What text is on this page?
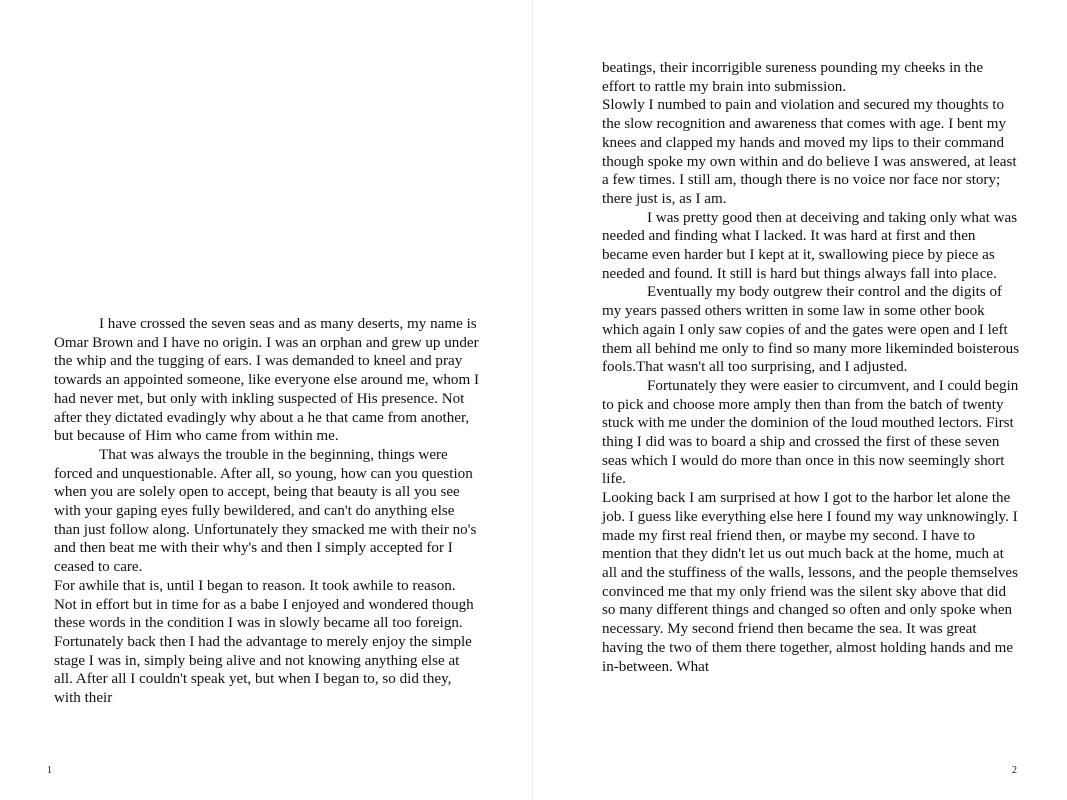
I have crossed the seven seas and as many deserts, my name is Omar Brown and I have no origin. I was an orphan and grew up under the whip and the tugging of ears. I was demanded to kneel and pray towards an appointed someone, like everyone else around me, whom I had never met, but only with inkling suspected of His presence. Not after they dictated evadingly why about a he that came from another, but because of Him who came from within me.

That was always the trouble in the beginning, things were forced and unquestionable. After all, so young, how can you question when you are solely open to accept, being that beauty is all you see with your gaping eyes fully bewildered, and can't do anything else than just follow along. Unfortunately they smacked me with their no's and then beat me with their why's and then I simply accepted for I ceased to care.

For awhile that is, until I began to reason. It took awhile to reason. Not in effort but in time for as a babe I enjoyed and wondered though these words in the condition I was in slowly became all too foreign. Fortunately back then I had the advantage to merely enjoy the simple stage I was in, simply being alive and not knowing anything else at all. After all I couldn't speak yet, but when I began to, so did they, with their

1

beatings, their incorrigible sureness pounding my cheeks in the effort to rattle my brain into submission.

Slowly I numbed to pain and violation and secured my thoughts to the slow recognition and awareness that comes with age. I bent my knees and clapped my hands and moved my lips to their command though spoke my own within and do believe I was answered, at least a few times. I still am, though there is no voice nor face nor story; there just is, as I am.

I was pretty good then at deceiving and taking only what was needed and finding what I lacked. It was hard at first and then became even harder but I kept at it, swallowing piece by piece as needed and found. It still is hard but things always fall into place.

Eventually my body outgrew their control and the digits of my years passed others written in some law in some other book which again I only saw copies of and the gates were open and I left them all behind me only to find so many more likeminded boisterous fools.That wasn't all too surprising, and I adjusted.

Fortunately they were easier to circumvent, and I could begin to pick and choose more amply then than from the batch of twenty stuck with me under the dominion of the loud mouthed lectors. First thing I did was to board a ship and crossed the first of these seven seas which I would do more than once in this now seemingly short life.

Looking back I am surprised at how I got to the harbor let alone the job. I guess like everything else here I found my way unknowingly. I made my first real friend then, or maybe my second. I have to mention that they didn't let us out much back at the home, much at all and the stuffiness of the walls, lessons, and the people themselves convinced me that my only friend was the silent sky above that did so many different things and changed so often and only spoke when necessary. My second friend then became the sea. It was great having the two of them there together, almost holding hands and me in-between. What

2
